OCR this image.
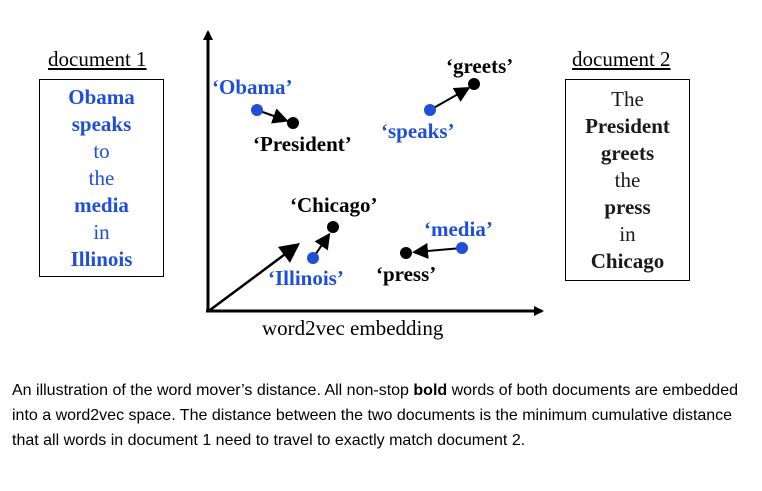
document 1
Obama
speaks
to
the
media
in
Illinois
document 2
The
President
greets
the
press
in
Chicago
‘Obama’
‘President’
‘speaks’
‘greets’
‘Chicago’
‘Illinois’
‘media’
‘press’
word2vec embedding
An illustration of the word mover’s distance. All non-stop bold words of both documents are embedded into a word2vec space. The distance between the two documents is the minimum cumulative distance that all words in document 1 need to travel to exactly match document 2.
